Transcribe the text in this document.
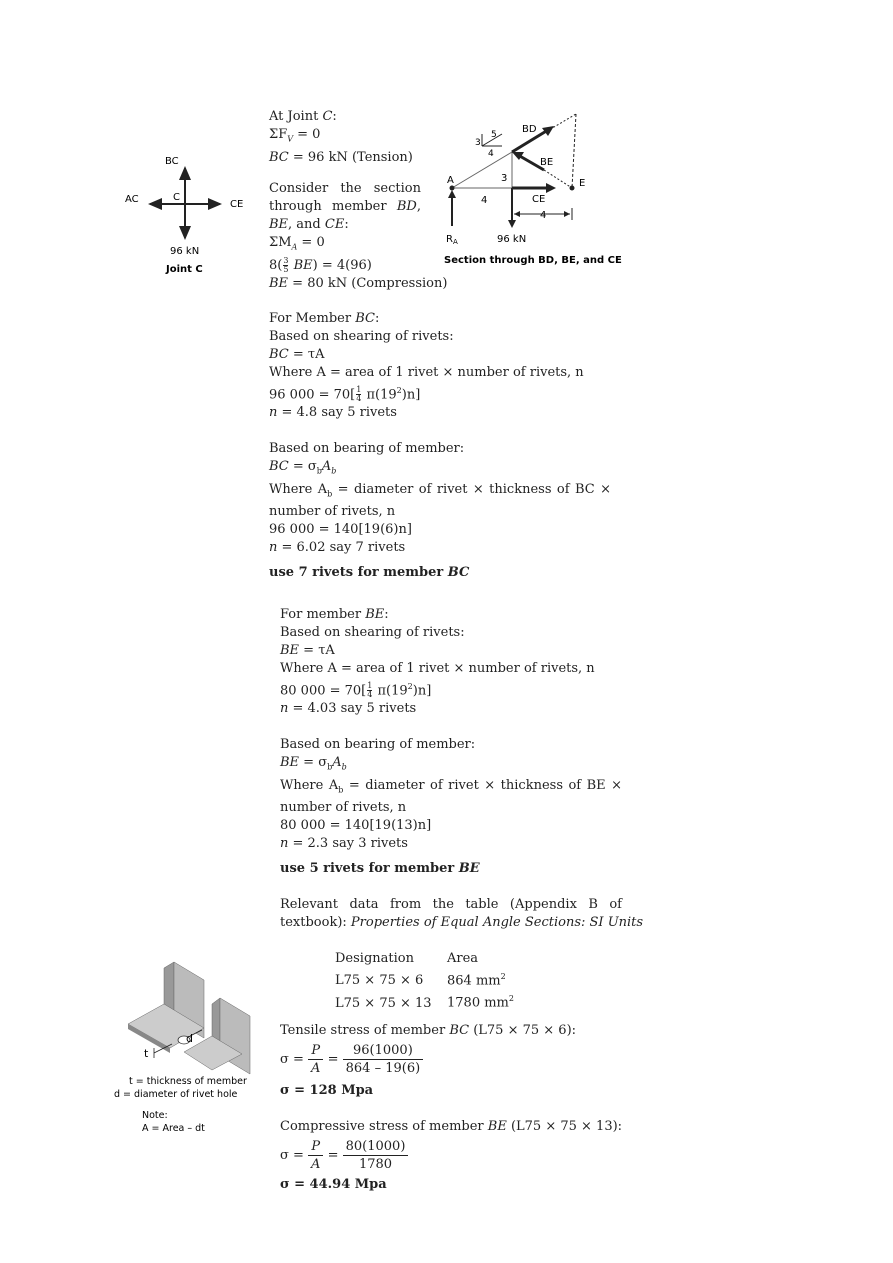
BC
AC	C
CE
96 kN
Joint C
5
3
4
BD
BE
CE
A	E
3
4
4
$R_A$	96 kN
Section through BD, BE, and CE
At Joint C:
$\Sigma F_V = 0$
BC = 96 kN (Tension)
Consider the section
through member BD,
BE, and CE:
$\Sigma M_A = 0$
$8( \frac{3}{5} BE) = 4(96)$
BE = 80 kN (Compression)
For Member BC:
Based on shearing of rivets:
BC = τA
Where A = area of 1 rivet × number of rivets, n
96 $000 = 70[ \frac{1}{4} \pi(19^2)n]$
n = 4.8 say 5 rivets
Based on bearing of member:
BC = $\sigma_bA_b$
Where $A_b$ = diameter of rivet × thickness of BC ×
number of rivets, n
96 000 = 140[19(6)n]
n = 6.02 say 7 rivets
use 7 rivets for member BC
For member BE:
Based on shearing of rivets:
BE = τA
Where A = area of 1 rivet × number of rivets, n
80 $000 = 70[ \frac{1}{4} \pi(19^2)n]$
n = 4.03 say 5 rivets
Based on bearing of member:
BE = $\sigma_bA_b$
Where $A_b$ = diameter of rivet × thickness of BE ×
number of rivets, n
80 000 = 140[19(13)n]
n = 2.3 say 3 rivets
use 5 rivets for member BE
Relevant data from the table (Appendix B of
textbook): Properties of Equal Angle Sections: SI Units
Designation	Area
L75 × 75 × 6 864 $mm^2$
L75 × 75 × 13 1780 $mm^2$
t
d
t = thickness of member
d = diameter of rivet hole
Note:
A = Area – dt
Tensile stress of member BC (L75 × 75 × 6):
$\sigma = \frac{P}{A} = \frac{96(1000)}{864 - 19(6)}$
σ = 128 Mpa
Compressive stress of member BE (L75 × 75 × 13):
$\sigma = \frac{P}{A} = \frac{80(1000)}{1780}$
σ = 44.94 Mpa
